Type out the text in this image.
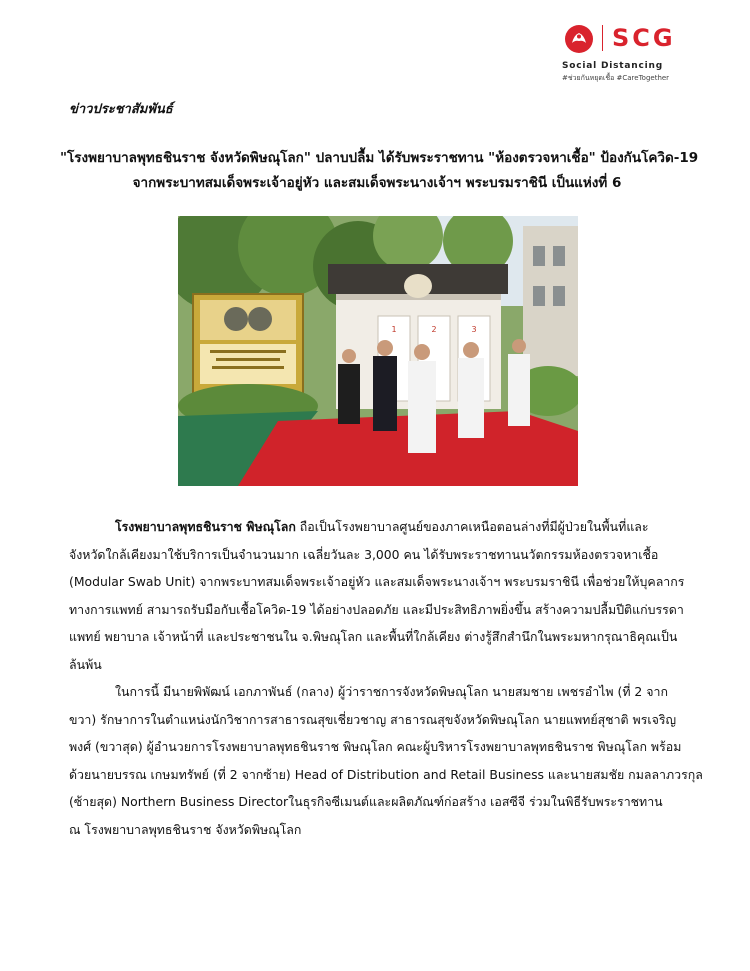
SCG
Social Distancing
#ช่วยกันหยุดเชื้อ #CareTogether
ข่าวประชาสัมพันธ์
"โรงพยาบาลพุทธชินราช จังหวัดพิษณุโลก" ปลาบปลื้ม ได้รับพระราชทาน "ห้องตรวจหาเชื้อ" ป้องกันโควิด-19
จากพระบาทสมเด็จพระเจ้าอยู่หัว และสมเด็จพระนางเจ้าฯ พระบรมราชินี เป็นแห่งที่ 6
1	2	3
โรงพยาบาลพุทธชินราช พิษณุโลก ถือเป็นโรงพยาบาลศูนย์ของภาคเหนือตอนล่างที่มีผู้ป่วยในพื้นที่และ
จังหวัดใกล้เคียงมาใช้บริการเป็นจำนวนมาก เฉลี่ยวันละ 3,000 คน ได้รับพระราชทานนวัตกรรมห้องตรวจหาเชื้อ
(Modular Swab Unit) จากพระบาทสมเด็จพระเจ้าอยู่หัว และสมเด็จพระนางเจ้าฯ พระบรมราชินี เพื่อช่วยให้บุคลากร
ทางการแพทย์ สามารถรับมือกับเชื้อโควิด-19 ได้อย่างปลอดภัย และมีประสิทธิภาพยิ่งขึ้น สร้างความปลื้มปีติแก่บรรดา
แพทย์ พยาบาล เจ้าหน้าที่ และประชาชนใน จ.พิษณุโลก และพื้นที่ใกล้เคียง ต่างรู้สึกสำนึกในพระมหากรุณาธิคุณเป็น
ล้นพ้น
ในการนี้ มีนายพิพัฒน์ เอกภาพันธ์ (กลาง) ผู้ว่าราชการจังหวัดพิษณุโลก นายสมชาย เพชรอำไพ (ที่ 2 จาก
ขวา) รักษาการในตำแหน่งนักวิชาการสาธารณสุขเชี่ยวชาญ สาธารณสุขจังหวัดพิษณุโลก นายแพทย์สุชาติ พรเจริญ
พงศ์ (ขวาสุด) ผู้อำนวยการโรงพยาบาลพุทธชินราช พิษณุโลก คณะผู้บริหารโรงพยาบาลพุทธชินราช พิษณุโลก พร้อม
ด้วยนายบรรณ เกษมทรัพย์ (ที่ 2 จากซ้าย) Head of Distribution and Retail Business และนายสมชัย กมลลาภวรกุล
(ซ้ายสุด) Northern Business Directorในธุรกิจซีเมนต์และผลิตภัณฑ์ก่อสร้าง เอสซีจี ร่วมในพิธีรับพระราชทาน
ณ โรงพยาบาลพุทธชินราช จังหวัดพิษณุโลก
